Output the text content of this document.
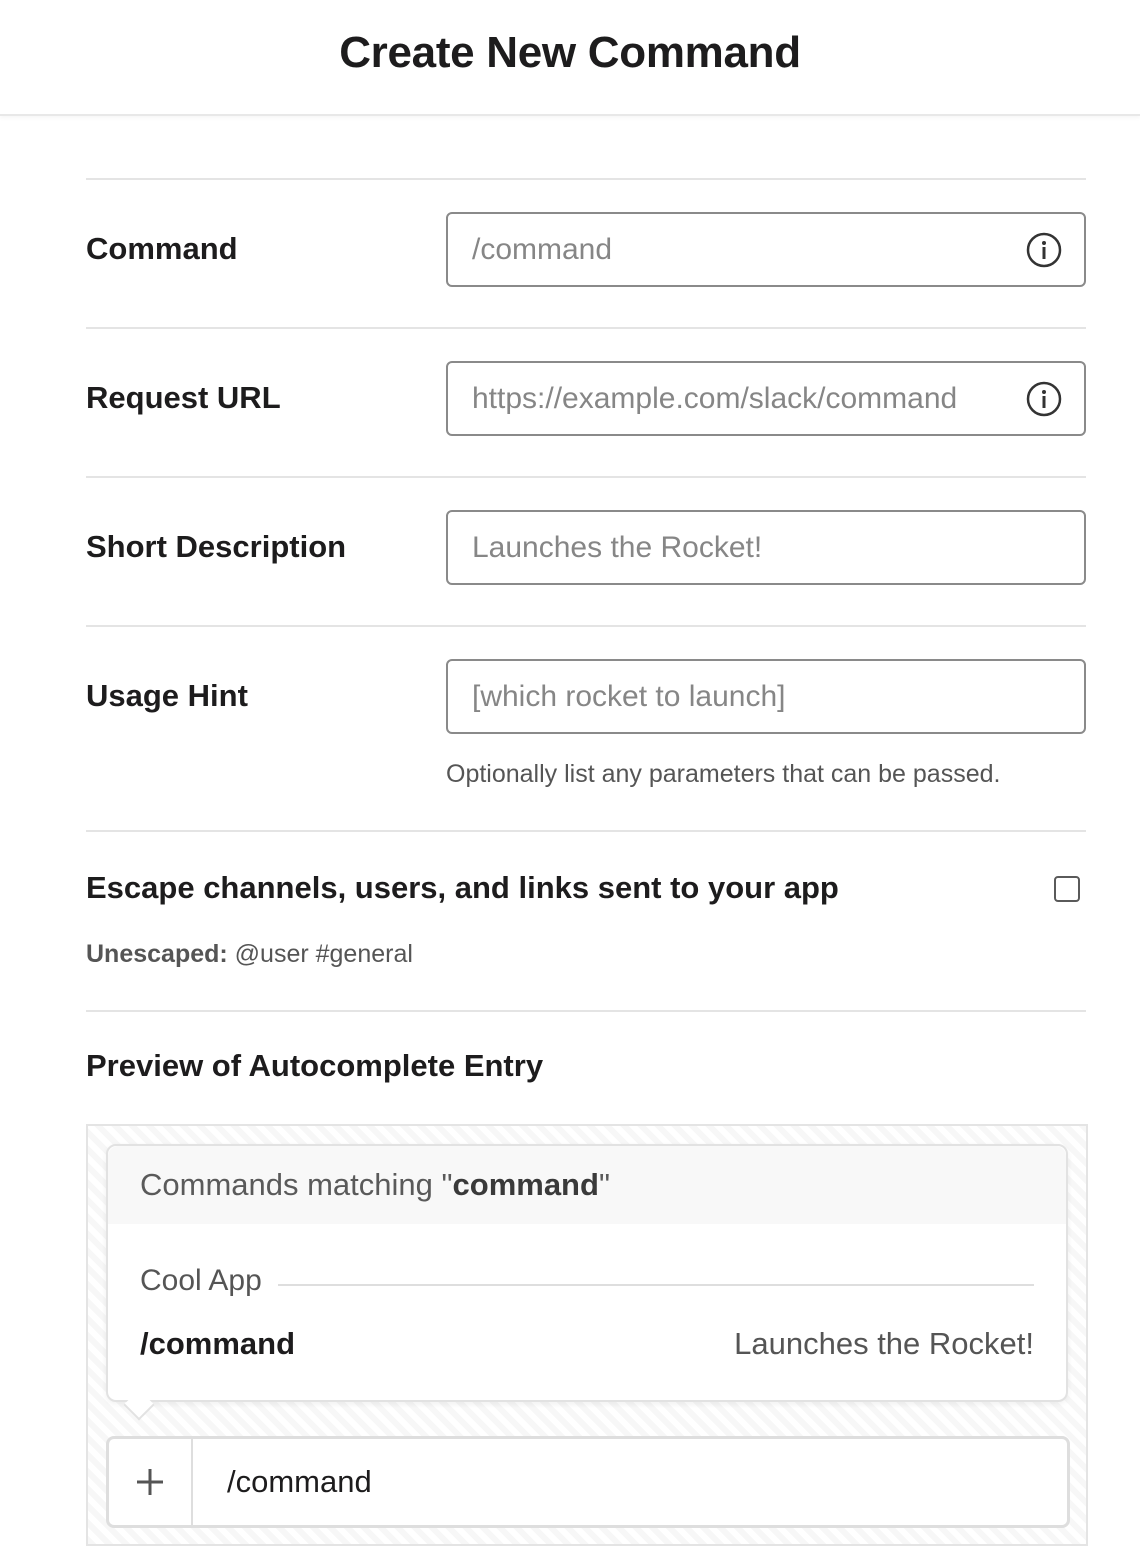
Create New Command
Command
/command
Request URL
https://example.com/slack/command
Short Description
Launches the Rocket!
Usage Hint
[which rocket to launch]
Optionally list any parameters that can be passed.
Escape channels, users, and links sent to your app
Unescaped: @user #general
Preview of Autocomplete Entry
Commands matching "command"
Cool App
/command	Launches the Rocket!
/command
